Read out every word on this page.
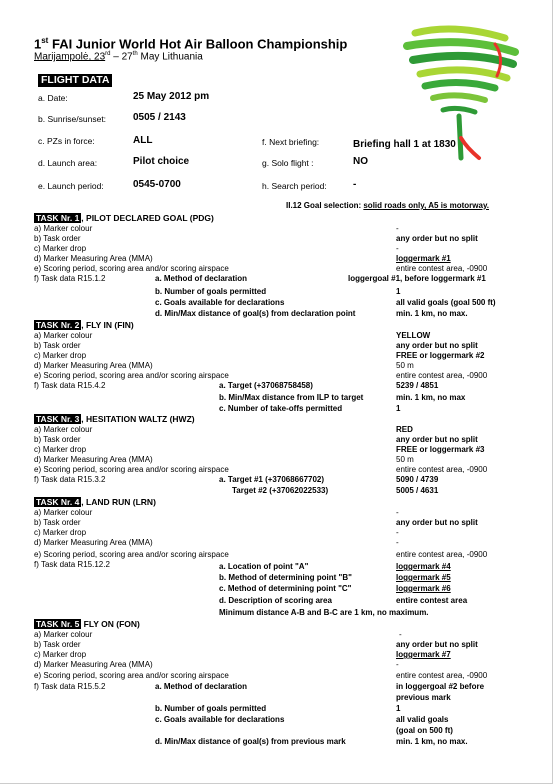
1st FAI Junior World Hot Air Balloon Championship
Marijampolė, 23rd – 27th May Lithuania
FLIGHT DATA
a. Date:	25 May 2012 pm
b. Sunrise/sunset:	0505 / 2143
c. PZs in force:	ALL
d. Launch area:	Pilot choice
e. Launch period:	0545-0700
f. Next briefing:	Briefing hall 1 at 1830
g. Solo flight :	NO
h. Search period:	-
II.12 Goal selection: solid roads only, A5 is motorway.
TASK Nr. 1 , PILOT DECLARED GOAL (PDG)
a) Marker colour	-
b) Task order	any order but no split
c) Marker drop	-
d) Marker Measuring Area (MMA)	loggermark #1
e) Scoring period, scoring area and/or scoring airspace	entire contest area, -0900
f) Task data R15.1.2	a. Method of declaration	loggergoal #1, before loggermark #1
b. Number of goals permitted	1
c. Goals available for declarations	all valid goals (goal 500 ft)
d. Min/Max distance of goal(s) from declaration point	min. 1 km, no max.
TASK Nr. 2 , FLY IN (FIN)
a) Marker colour	YELLOW
b) Task order	any order but no split
c) Marker drop	FREE or loggermark #2
d) Marker Measuring Area (MMA)	50 m
e) Scoring period, scoring area and/or scoring airspace	entire contest area, -0900
f) Task data R15.4.2	a. Target (+37068758458)	5239 / 4851
b. Min/Max distance from ILP to target	min. 1 km, no max
c. Number of take-offs permitted	1
TASK Nr. 3 , HESITATION WALTZ (HWZ)
a) Marker colour	RED
b) Task order	any order but no split
c) Marker drop	FREE or loggermark #3
d) Marker Measuring Area (MMA)	50 m
e) Scoring period, scoring area and/or scoring airspace	entire contest area, -0900
f) Task data R15.3.2	a. Target #1 (+37068667702)	5090 / 4739
Target #2 (+37062022533)	5005 / 4631
TASK Nr. 4 , LAND RUN (LRN)
a) Marker colour	-
b) Task order	any order but no split
c) Marker drop	-
d) Marker Measuring Area (MMA)	-
e) Scoring period, scoring area and/or scoring airspace	entire contest area, -0900
f) Task data R15.12.2	a. Location of point "A"	loggermark #4
b. Method of determining point "B"	loggermark #5
c. Method of determining point "C"	loggermark #6
d. Description of scoring area	entire contest area
Minimum distance A-B and B-C are 1 km, no maximum.
TASK Nr. 5 FLY ON (FON)
a) Marker colour	-
b) Task order	any order but no split
c) Marker drop	loggermark #7
d) Marker Measuring Area (MMA)	-
e) Scoring period, scoring area and/or scoring airspace	entire contest area, -0900
f) Task data R15.5.2	a. Method of declaration	in loggergoal #2 before
previous mark
b. Number of goals permitted	1
c. Goals available for declarations	all valid goals
(goal on 500 ft)
d. Min/Max distance of goal(s) from previous mark	min. 1 km, no max.
